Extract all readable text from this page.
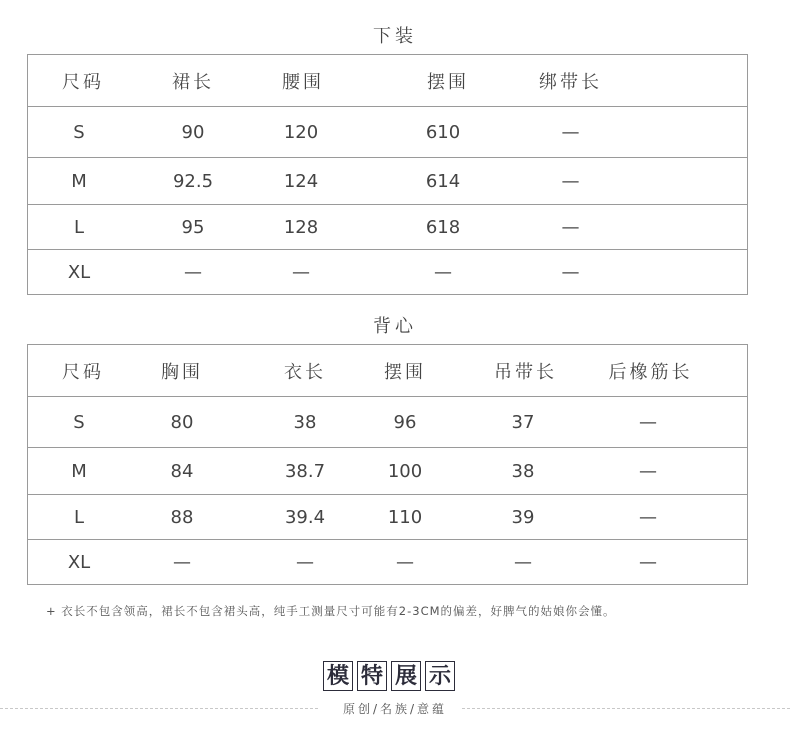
下装
尺码	裙长	腰围	摆围	绑带长
S	90	120	610	—
M	92.5	124	614	—
L	95	128	618	—
XL	—	—	—	—
背心
尺码	胸围	衣长	摆围	吊带长	后橡筋长
S	80	38	96	37	—
M	84	38.7	100	38	—
L	88	39.4	110	39	—
XL	—	—	—	—	—
+ 衣长不包含领高，裙长不包含裙头高，纯手工测量尺寸可能有2-3CM的偏差，好脾气的姑娘你会懂。
模 特 展 示
原创/名族/意蕴
